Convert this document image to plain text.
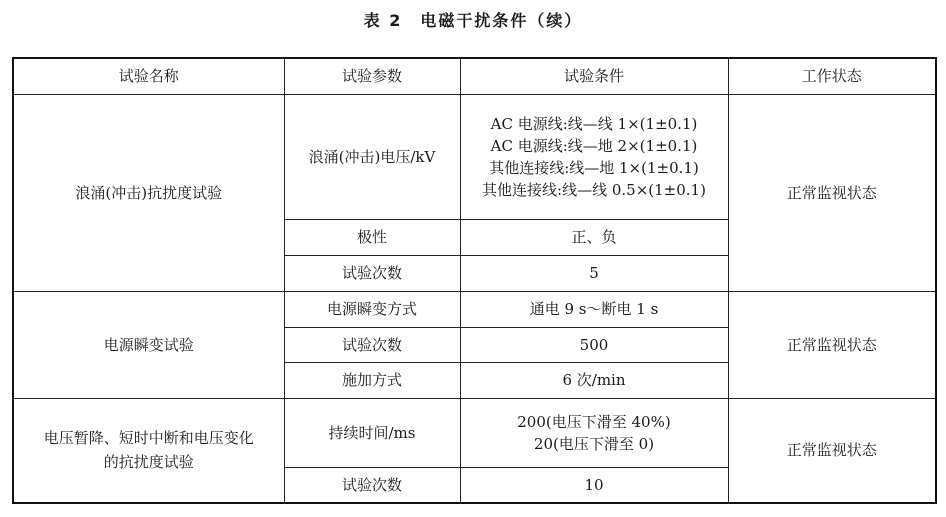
表 2　电磁干扰条件（续）
试验名称	试验参数	试验条件	工作状态
浪涌(冲击)抗扰度试验	浪涌(冲击)电压/kV	AC 电源线:线—线 1×(1±0.1)
AC 电源线:线—地 2×(1±0.1)
其他连接线:线—地 1×(1±0.1)
其他连接线:线—线 0.5×(1±0.1)	正常监视状态
	极性	正、负	
	试验次数	5	
电源瞬变试验	电源瞬变方式	通电 9 s～断电 1 s	正常监视状态
	试验次数	500	
	施加方式	6 次/min	
电压暂降、短时中断和电压变化的抗扰度试验	持续时间/ms	200(电压下滑至 40%)
20(电压下滑至 0)	正常监视状态
	试验次数	10	
